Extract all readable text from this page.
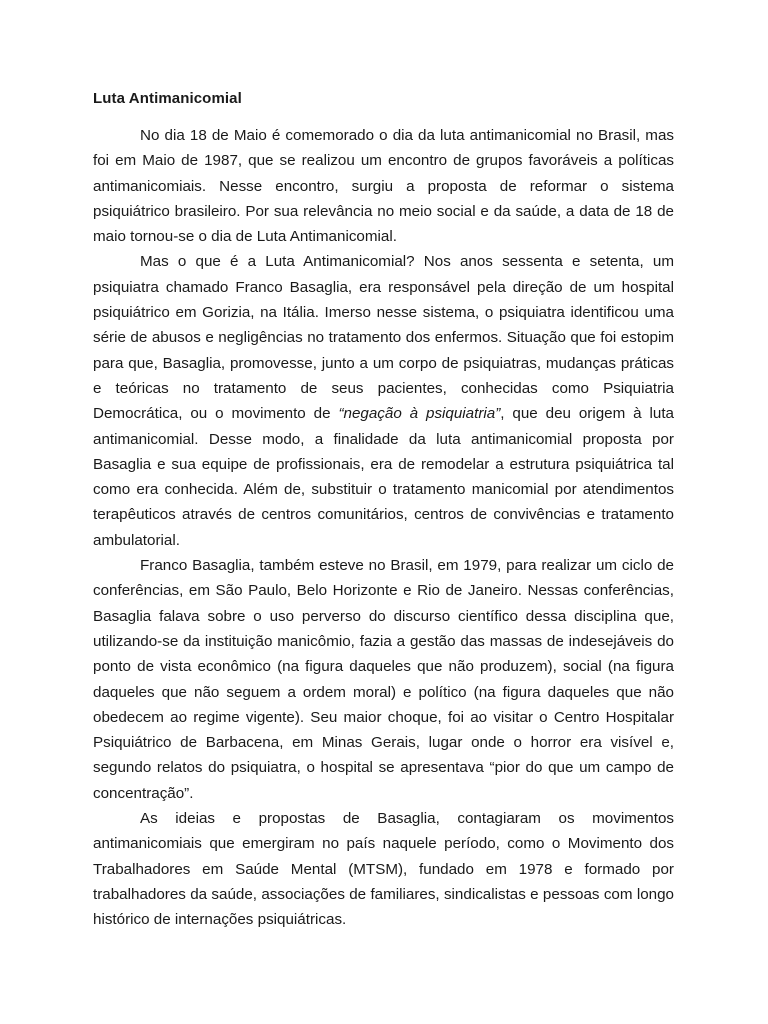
Luta Antimanicomial

No dia 18 de Maio é comemorado o dia da luta antimanicomial no Brasil, mas foi em Maio de 1987, que se realizou um encontro de grupos favoráveis a políticas antimanicomiais. Nesse encontro, surgiu a proposta de reformar o sistema psiquiátrico brasileiro. Por sua relevância no meio social e da saúde, a data de 18 de maio tornou-se o dia de Luta Antimanicomial.

Mas o que é a Luta Antimanicomial? Nos anos sessenta e setenta, um psiquiatra chamado Franco Basaglia, era responsável pela direção de um hospital psiquiátrico em Gorizia, na Itália. Imerso nesse sistema, o psiquiatra identificou uma série de abusos e negligências no tratamento dos enfermos. Situação que foi estopim para que, Basaglia, promovesse, junto a um corpo de psiquiatras, mudanças práticas e teóricas no tratamento de seus pacientes, conhecidas como Psiquiatria Democrática, ou o movimento de “negação à psiquiatria”, que deu origem à luta antimanicomial. Desse modo, a finalidade da luta antimanicomial proposta por Basaglia e sua equipe de profissionais, era de remodelar a estrutura psiquiátrica tal como era conhecida. Além de, substituir o tratamento manicomial por atendimentos terapêuticos através de centros comunitários, centros de convivências e tratamento ambulatorial.

Franco Basaglia, também esteve no Brasil, em 1979, para realizar um ciclo de conferências, em São Paulo, Belo Horizonte e Rio de Janeiro. Nessas conferências, Basaglia falava sobre o uso perverso do discurso científico dessa disciplina que, utilizando-se da instituição manicômio, fazia a gestão das massas de indesejáveis do ponto de vista econômico (na figura daqueles que não produzem), social (na figura daqueles que não seguem a ordem moral) e político (na figura daqueles que não obedecem ao regime vigente). Seu maior choque, foi ao visitar o Centro Hospitalar Psiquiátrico de Barbacena, em Minas Gerais, lugar onde o horror era visível e, segundo relatos do psiquiatra, o hospital se apresentava “pior do que um campo de concentração”.

As ideias e propostas de Basaglia, contagiaram os movimentos antimanicomiais que emergiram no país naquele período, como o Movimento dos Trabalhadores em Saúde Mental (MTSM), fundado em 1978 e formado por trabalhadores da saúde, associações de familiares, sindicalistas e pessoas com longo histórico de internações psiquiátricas.
